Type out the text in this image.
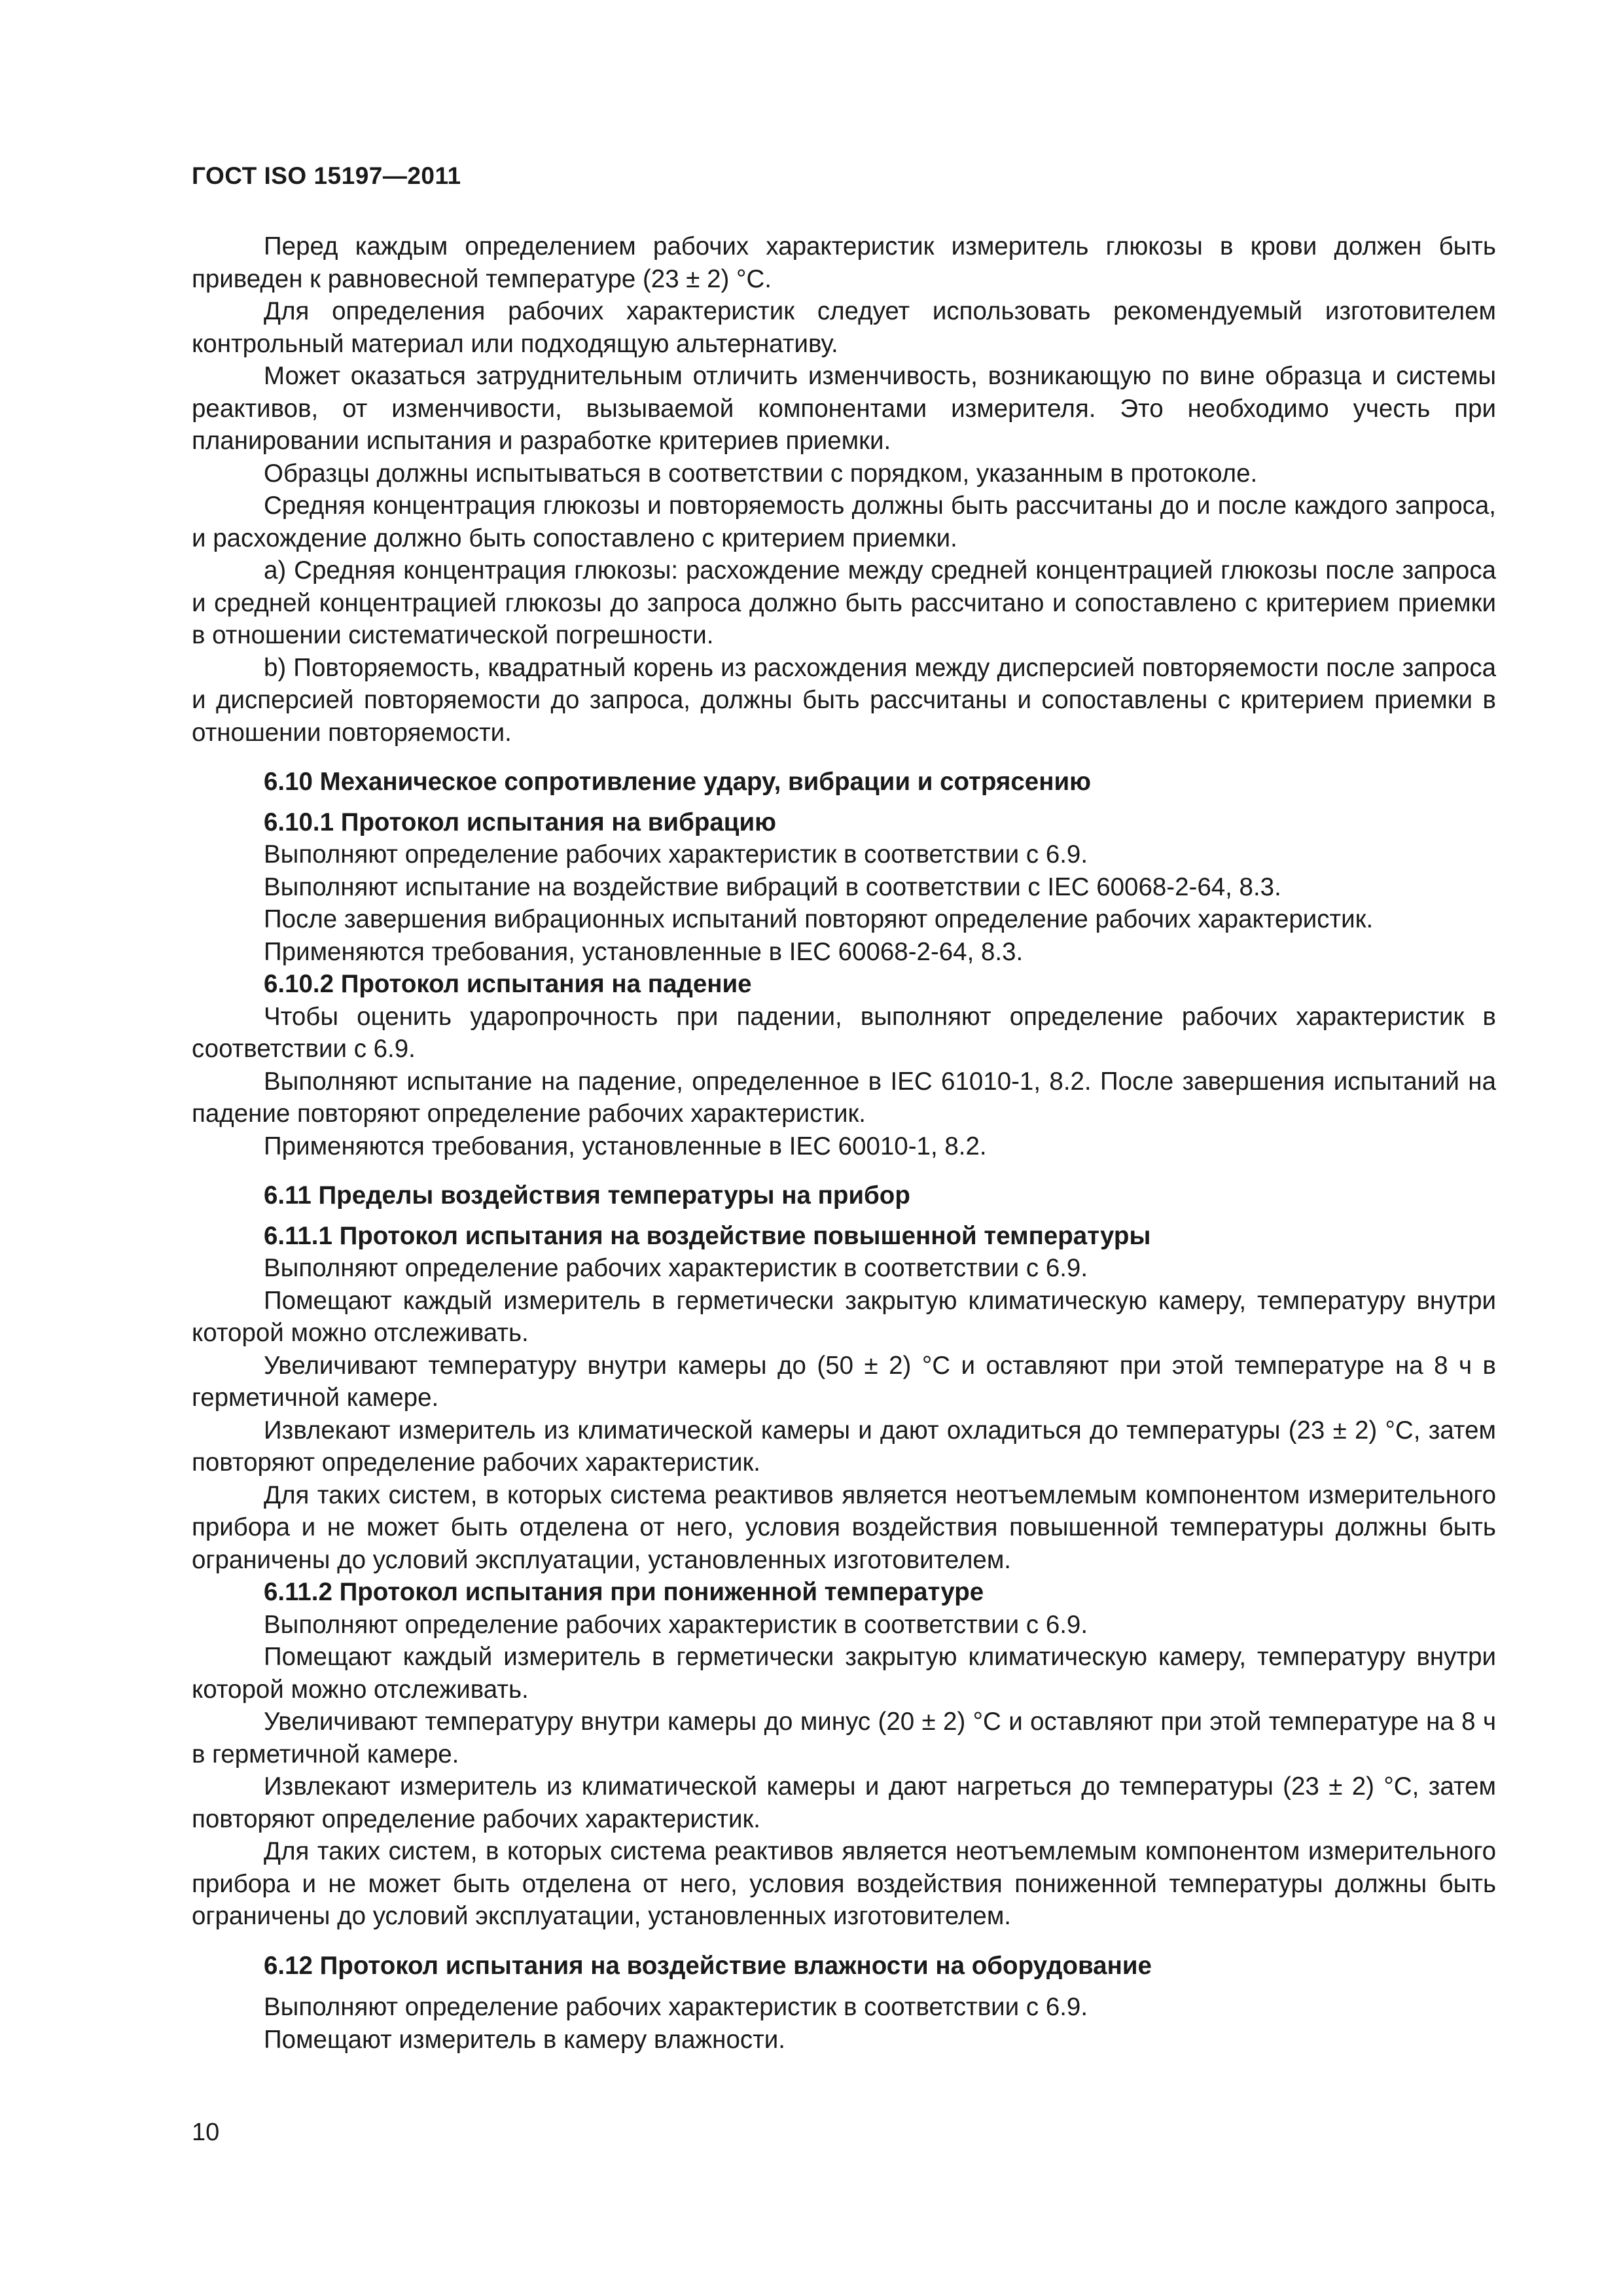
ГОСТ ISO 15197—2011

Перед каждым определением рабочих характеристик измеритель глюкозы в крови должен быть приведен к равновесной температуре (23 ± 2) °С.

Для определения рабочих характеристик следует использовать рекомендуемый изготовителем контрольный материал или подходящую альтернативу.

Может оказаться затруднительным отличить изменчивость, возникающую по вине образца и системы реактивов, от изменчивости, вызываемой компонентами измерителя. Это необходимо учесть при планировании испытания и разработке критериев приемки.

Образцы должны испытываться в соответствии с порядком, указанным в протоколе.

Средняя концентрация глюкозы и повторяемость должны быть рассчитаны до и после каждого запроса, и расхождение должно быть сопоставлено с критерием приемки.

а) Средняя концентрация глюкозы: расхождение между средней концентрацией глюкозы после запроса и средней концентрацией глюкозы до запроса должно быть рассчитано и сопоставлено с критерием приемки в отношении систематической погрешности.

b) Повторяемость, квадратный корень из расхождения между дисперсией повторяемости после запроса и дисперсией повторяемости до запроса, должны быть рассчитаны и сопоставлены с критерием приемки в отношении повторяемости.

6.10 Механическое сопротивление удару, вибрации и сотрясению

6.10.1 Протокол испытания на вибрацию

Выполняют определение рабочих характеристик в соответствии с 6.9.

Выполняют испытание на воздействие вибраций в соответствии с IEC 60068-2-64, 8.3.

После завершения вибрационных испытаний повторяют определение рабочих характеристик.

Применяются требования, установленные в IEC 60068-2-64, 8.3.

6.10.2 Протокол испытания на падение

Чтобы оценить ударопрочность при падении, выполняют определение рабочих характеристик в соответствии с 6.9.

Выполняют испытание на падение, определенное в IEC 61010-1, 8.2. После завершения испытаний на падение повторяют определение рабочих характеристик.

Применяются требования, установленные в IEC 60010-1, 8.2.

6.11 Пределы воздействия температуры на прибор

6.11.1 Протокол испытания на воздействие повышенной температуры

Выполняют определение рабочих характеристик в соответствии с 6.9.

Помещают каждый измеритель в герметически закрытую климатическую камеру, температуру внутри которой можно отслеживать.

Увеличивают температуру внутри камеры до (50 ± 2) °С и оставляют при этой температуре на 8 ч в герметичной камере.

Извлекают измеритель из климатической камеры и дают охладиться до температуры (23 ± 2) °С, затем повторяют определение рабочих характеристик.

Для таких систем, в которых система реактивов является неотъемлемым компонентом измерительного прибора и не может быть отделена от него, условия воздействия повышенной температуры должны быть ограничены до условий эксплуатации, установленных изготовителем.

6.11.2 Протокол испытания при пониженной температуре

Выполняют определение рабочих характеристик в соответствии с 6.9.

Помещают каждый измеритель в герметически закрытую климатическую камеру, температуру внутри которой можно отслеживать.

Увеличивают температуру внутри камеры до минус (20 ± 2) °С и оставляют при этой температуре на 8 ч в герметичной камере.

Извлекают измеритель из климатической камеры и дают нагреться до температуры (23 ± 2) °С, затем повторяют определение рабочих характеристик.

Для таких систем, в которых система реактивов является неотъемлемым компонентом измерительного прибора и не может быть отделена от него, условия воздействия пониженной температуры должны быть ограничены до условий эксплуатации, установленных изготовителем.

6.12 Протокол испытания на воздействие влажности на оборудование

Выполняют определение рабочих характеристик в соответствии с 6.9.

Помещают измеритель в камеру влажности.

10
